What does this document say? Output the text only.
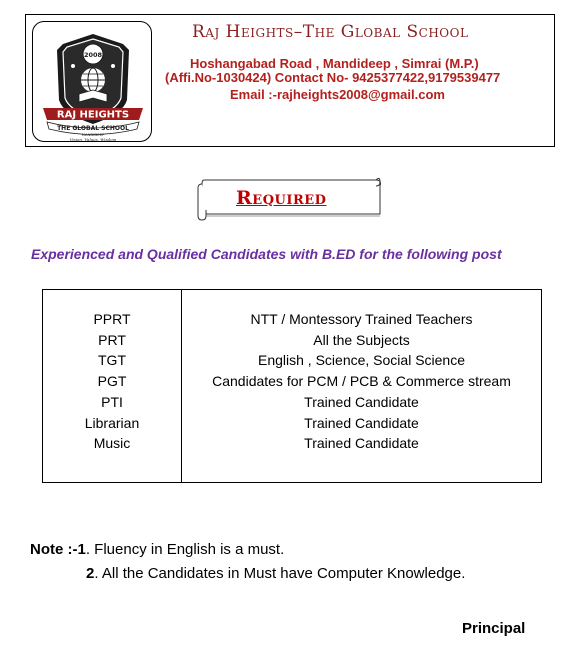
2008
RAJ HEIGHTS
THE GLOBAL SCHOOL
MANDIDEEP
Vision, Values, Wisdom
Raj Heights–The Global School
Hoshangabad Road , Mandideep , Simrai (M.P.)
(Affi.No-1030424) Contact No- 9425377422,9179539477
Email :-rajheights2008@gmail.com
Required
Experienced and Qualified Candidates with B.ED for the following post
PPRT
PRT
TGT
PGT
PTI
Librarian
Music
NTT / Montessory Trained Teachers
All the Subjects
English , Science, Social Science
Candidates for PCM / PCB & Commerce stream
Trained Candidate
Trained Candidate
Trained Candidate
Note :-1. Fluency in English is a must.
2. All the Candidates in Must have Computer Knowledge.
Principal
